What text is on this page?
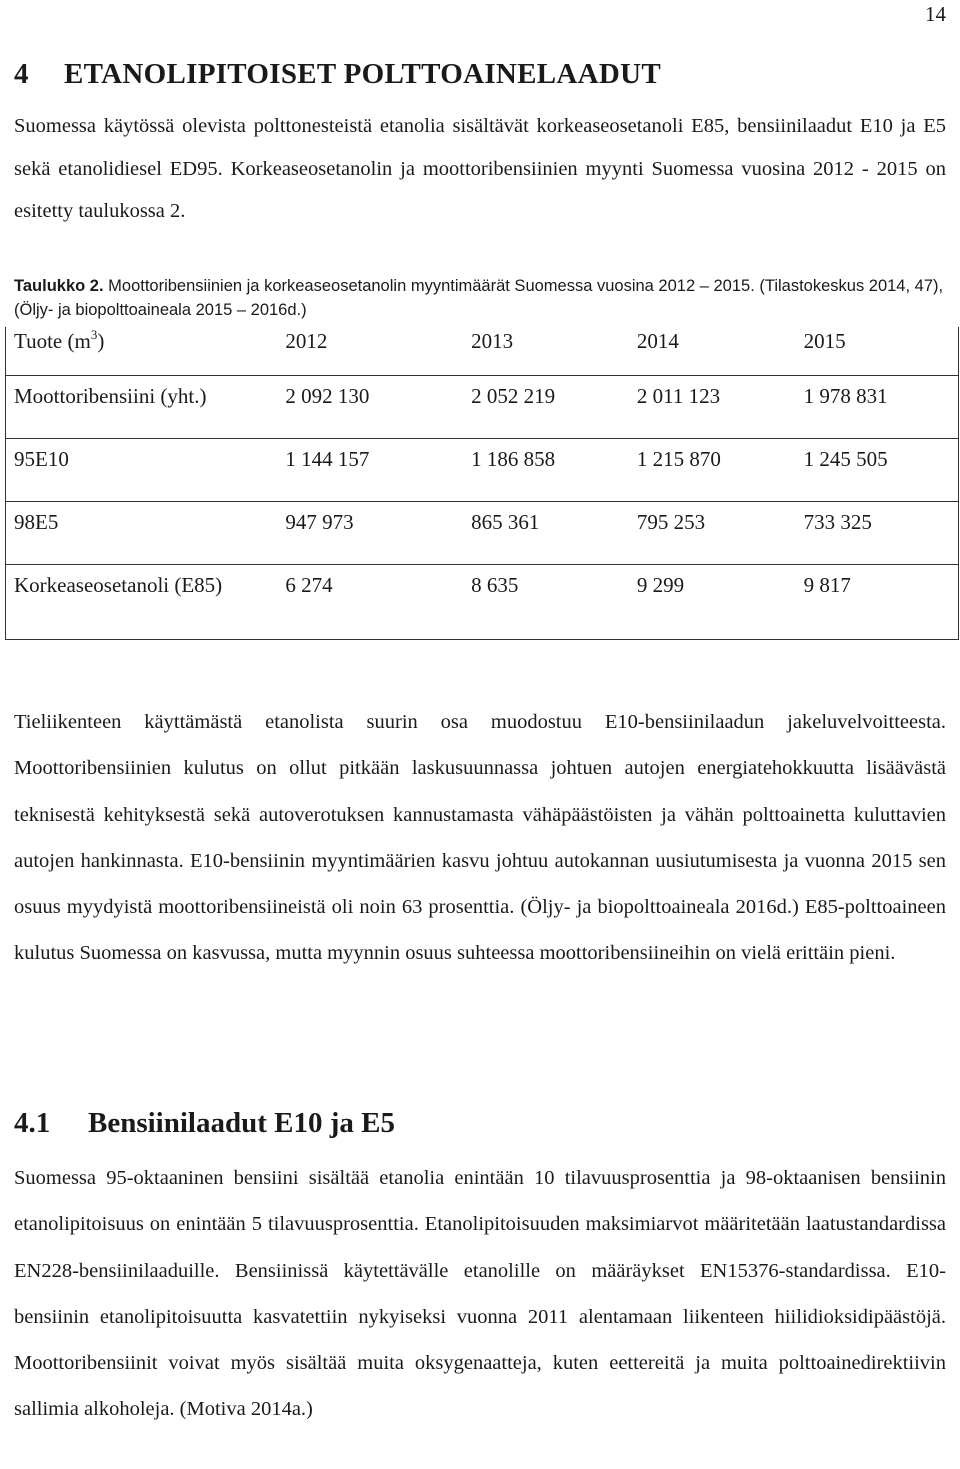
14
4 ETANOLIPITOISET POLTTOAINELAADUT

Suomessa käytössä olevista polttonesteistä etanolia sisältävät korkeaseosetanoli E85, bensiinilaadut E10 ja E5 sekä etanolidiesel ED95. Korkeaseosetanolin ja moottoribensiinien myynti Suomessa vuosina 2012 - 2015 on esitetty taulukossa 2.

Taulukko 2. Moottoribensiinien ja korkeaseosetanolin myyntimäärät Suomessa vuosina 2012 – 2015. (Tilastokeskus 2014, 47), (Öljy- ja biopolttoaineala 2015 – 2016d.)

Tuote $(m^3)$	2012	2013	2014	2015
Moottoribensiini (yht.)	2 092 130	2 052 219	2 011 123	1 978 831
95E10	1 144 157	1 186 858	1 215 870	1 245 505
98E5	947 973	865 361	795 253	733 325
Korkeaseosetanoli (E85)	6 274	8 635	9 299	9 817

Tieliikenteen käyttämästä etanolista suurin osa muodostuu E10-bensiinilaadun jakeluvelvoitteesta. Moottoribensiinien kulutus on ollut pitkään laskusuunnassa johtuen autojen energiatehokkuutta lisäävästä teknisestä kehityksestä sekä autoverotuksen kannustamasta vähäpäästöisten ja vähän polttoainetta kuluttavien autojen hankinnasta. E10-bensiinin myyntimäärien kasvu johtuu autokannan uusiutumisesta ja vuonna 2015 sen osuus myydyistä moottoribensiineistä oli noin 63 prosenttia. (Öljy- ja biopolttoaineala 2016d.) E85-polttoaineen kulutus Suomessa on kasvussa, mutta myynnin osuus suhteessa moottoribensiineihin on vielä erittäin pieni.

4.1 Bensiinilaadut E10 ja E5

Suomessa 95-oktaaninen bensiini sisältää etanolia enintään 10 tilavuusprosenttia ja 98-oktaanisen bensiinin etanolipitoisuus on enintään 5 tilavuusprosenttia. Etanolipitoisuuden maksimiarvot määritetään laatustandardissa EN228-bensiinilaaduille. Bensiinissä käytettävälle etanolille on määräykset EN15376-standardissa. E10-bensiinin etanolipitoisuutta kasvatettiin nykyiseksi vuonna 2011 alentamaan liikenteen hiilidioksidipäästöjä. Moottoribensiinit voivat myös sisältää muita oksygenaatteja, kuten eettereitä ja muita polttoainedirektiivin sallimia alkoholeja. (Motiva 2014a.)
